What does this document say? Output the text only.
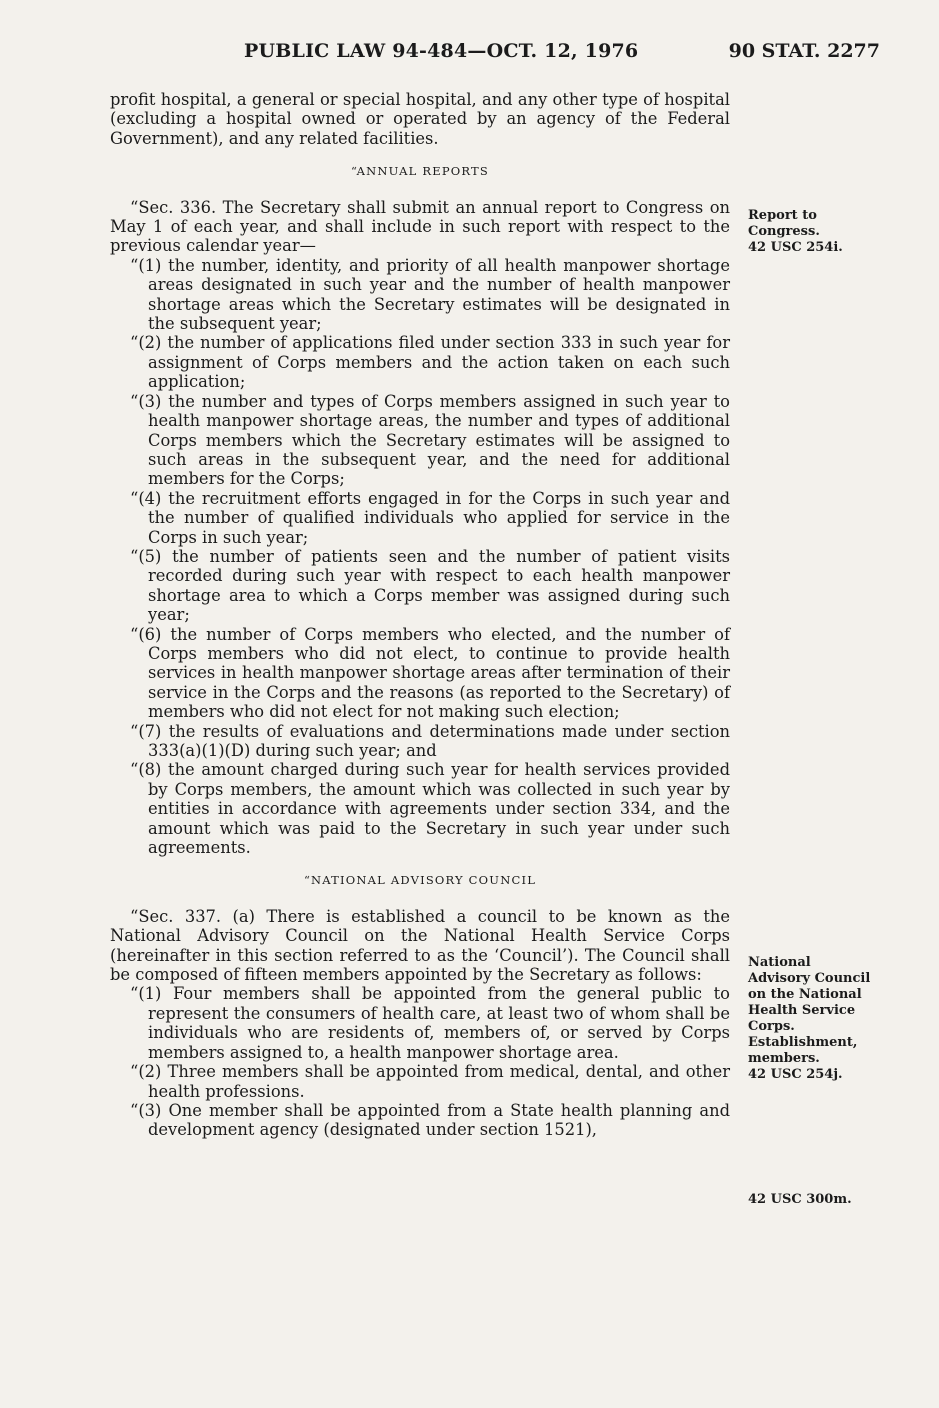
PUBLIC LAW 94-484—OCT. 12, 1976	90 STAT. 2277

profit hospital, a general or special hospital, and any other type of hospital (excluding a hospital owned or operated by an agency of the Federal Government), and any related facilities.

“ANNUAL REPORTS

“Sec. 336. The Secretary shall submit an annual report to Congress on May 1 of each year, and shall include in such report with respect to the previous calendar year—

“(1) the number, identity, and priority of all health manpower shortage areas designated in such year and the number of health manpower shortage areas which the Secretary estimates will be designated in the subsequent year;

“(2) the number of applications filed under section 333 in such year for assignment of Corps members and the action taken on each such application;

“(3) the number and types of Corps members assigned in such year to health manpower shortage areas, the number and types of additional Corps members which the Secretary estimates will be assigned to such areas in the subsequent year, and the need for additional members for the Corps;

“(4) the recruitment efforts engaged in for the Corps in such year and the number of qualified individuals who applied for service in the Corps in such year;

“(5) the number of patients seen and the number of patient visits recorded during such year with respect to each health manpower shortage area to which a Corps member was assigned during such year;

“(6) the number of Corps members who elected, and the number of Corps members who did not elect, to continue to provide health services in health manpower shortage areas after termination of their service in the Corps and the reasons (as reported to the Secretary) of members who did not elect for not making such election;

“(7) the results of evaluations and determinations made under section 333(a)(1)(D) during such year; and

“(8) the amount charged during such year for health services provided by Corps members, the amount which was collected in such year by entities in accordance with agreements under section 334, and the amount which was paid to the Secretary in such year under such agreements.

“NATIONAL ADVISORY COUNCIL

“Sec. 337. (a) There is established a council to be known as the National Advisory Council on the National Health Service Corps (hereinafter in this section referred to as the ‘Council’). The Council shall be composed of fifteen members appointed by the Secretary as follows:

“(1) Four members shall be appointed from the general public to represent the consumers of health care, at least two of whom shall be individuals who are residents of, members of, or served by Corps members assigned to, a health manpower shortage area.

“(2) Three members shall be appointed from medical, dental, and other health professions.

“(3) One member shall be appointed from a State health planning and development agency (designated under section 1521),

Report to
Congress.
42 USC 254i.
National
Advisory Council
on the National
Health Service
Corps.
Establishment,
members.
42 USC 254j.
42 USC 300m.
